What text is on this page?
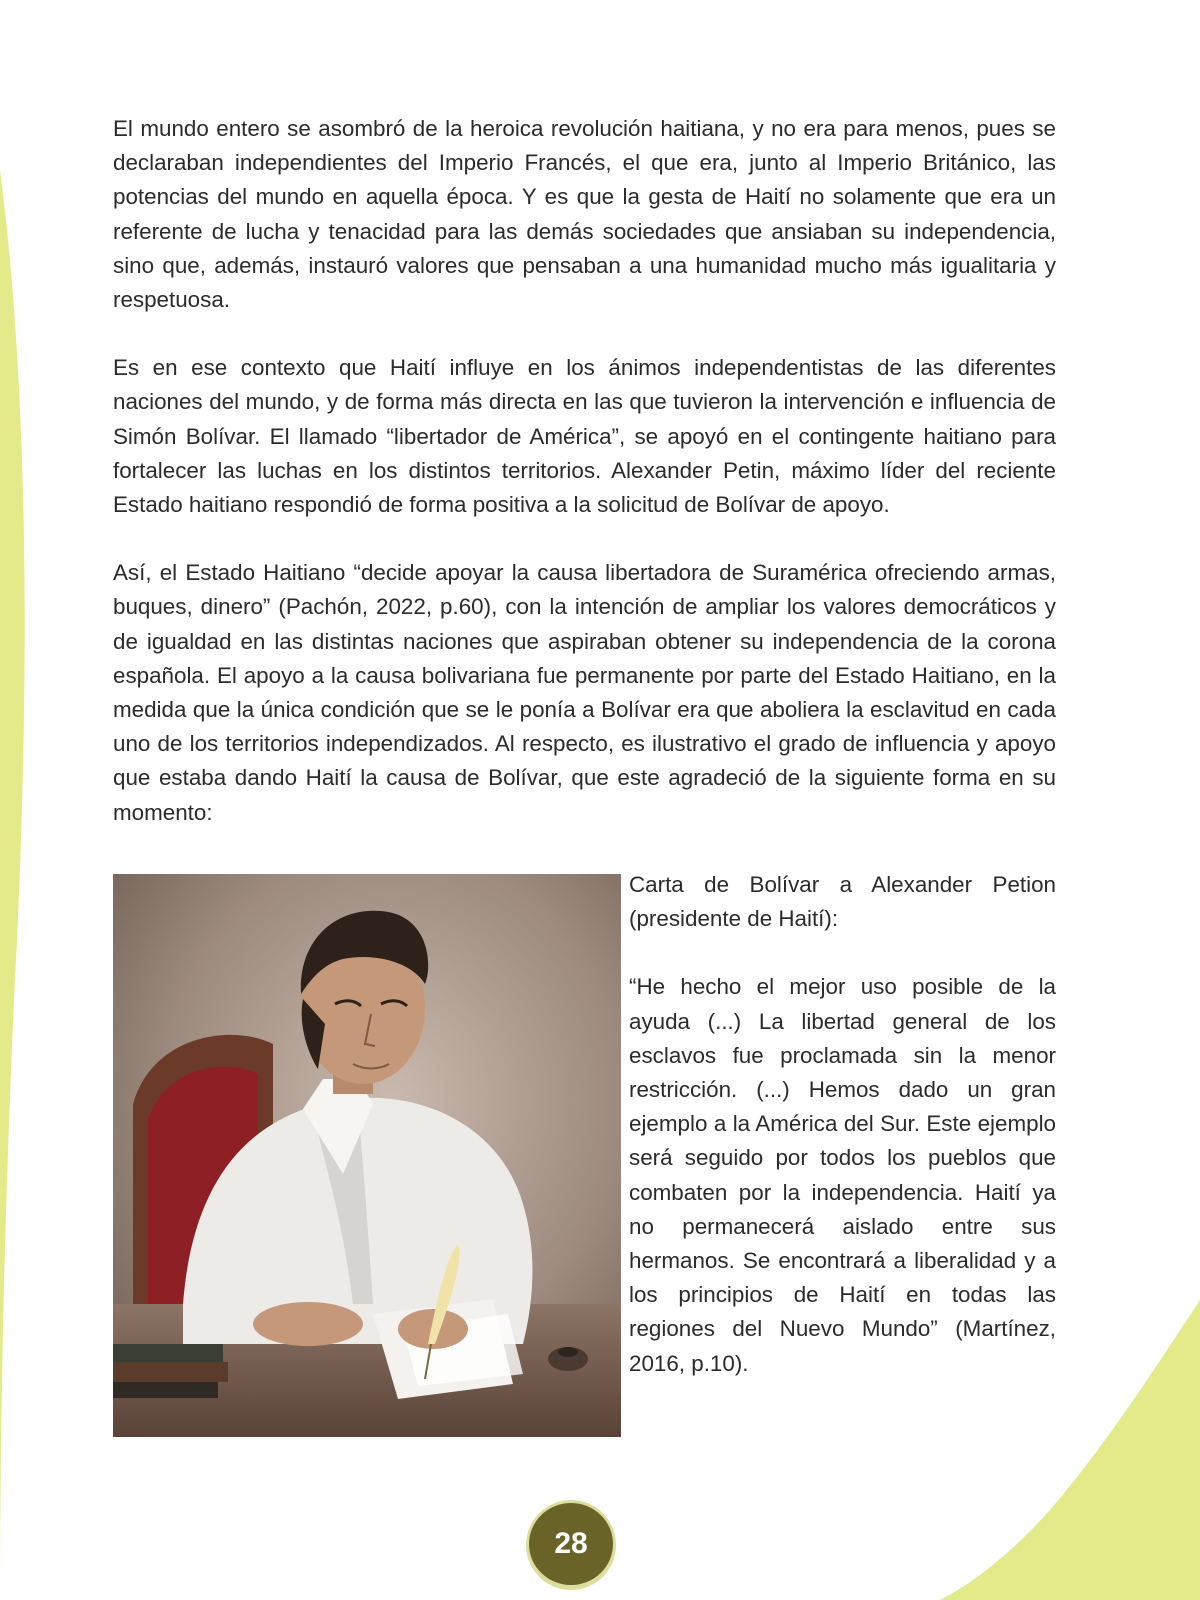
El mundo entero se asombró de la heroica revolución haitiana, y no era para menos, pues se declaraban independientes del Imperio Francés, el que era, junto al Imperio Británico, las potencias del mundo en aquella época. Y es que la gesta de Haití no solamente que era un referente de lucha y tenacidad para las demás sociedades que ansiaban su independencia, sino que, además, instauró valores que pensaban a una humanidad mucho más igualitaria y respetuosa.

Es en ese contexto que Haití influye en los ánimos independentistas de las diferentes naciones del mundo, y de forma más directa en las que tuvieron la intervención e influencia de Simón Bolívar. El llamado “libertador de América”, se apoyó en el contingente haitiano para fortalecer las luchas en los distintos territorios. Alexander Petin, máximo líder del reciente Estado haitiano respondió de forma positiva a la solicitud de Bolívar de apoyo.

Así, el Estado Haitiano “decide apoyar la causa libertadora de Suramérica ofreciendo armas, buques, dinero” (Pachón, 2022, p.60), con la intención de ampliar los valores democráticos y de igualdad en las distintas naciones que aspiraban obtener su independencia de la corona española. El apoyo a la causa bolivariana fue permanente por parte del Estado Haitiano, en la medida que la única condición que se le ponía a Bolívar era que aboliera la esclavitud en cada uno de los territorios independizados. Al respecto, es ilustrativo el grado de influencia y apoyo que estaba dando Haití la causa de Bolívar, que este agradeció de la siguiente forma en su momento:

Carta de Bolívar a Alexander Petion (presidente de Haití):

“He hecho el mejor uso posible de la ayuda (...) La libertad general de los esclavos fue proclamada sin la menor restricción. (...) Hemos dado un gran ejemplo a la América del Sur. Este ejemplo será seguido por todos los pueblos que combaten por la independencia. Haití ya no permanecerá aislado entre sus hermanos. Se encontrará a liberalidad y a los principios de Haití en todas las regiones del Nuevo Mundo” (Martínez, 2016, p.10).

28
